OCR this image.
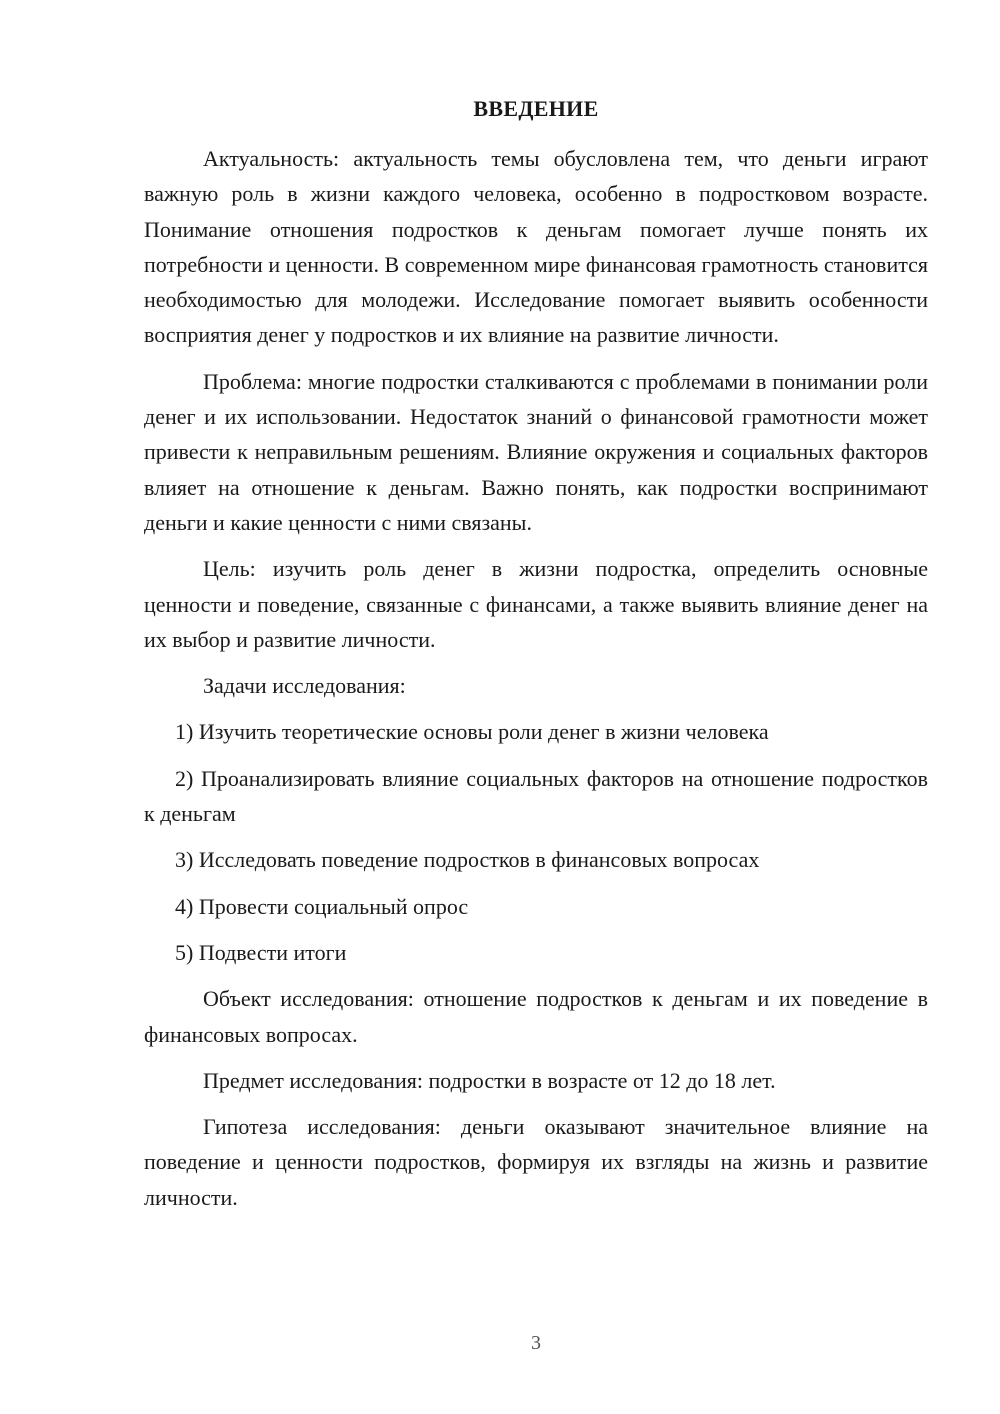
ВВЕДЕНИЕ

Актуальность: актуальность темы обусловлена тем, что деньги играют важную роль в жизни каждого человека, особенно в подростковом возрасте. Понимание отношения подростков к деньгам помогает лучше понять их потребности и ценности. В современном мире финансовая грамотность становится необходимостью для молодежи. Исследование помогает выявить особенности восприятия денег у подростков и их влияние на развитие личности.

Проблема: многие подростки сталкиваются с проблемами в понимании роли денег и их использовании. Недостаток знаний о финансовой грамотности может привести к неправильным решениям. Влияние окружения и социальных факторов влияет на отношение к деньгам. Важно понять, как подростки воспринимают деньги и какие ценности с ними связаны.

Цель: изучить роль денег в жизни подростка, определить основные ценности и поведение, связанные с финансами, а также выявить влияние денег на их выбор и развитие личности.

Задачи исследования:

1) Изучить теоретические основы роли денег в жизни человека

2) Проанализировать влияние социальных факторов на отношение подростков к деньгам

3) Исследовать поведение подростков в финансовых вопросах

4) Провести социальный опрос

5) Подвести итоги

Объект исследования: отношение подростков к деньгам и их поведение в финансовых вопросах.

Предмет исследования: подростки в возрасте от 12 до 18 лет.

Гипотеза исследования: деньги оказывают значительное влияние на поведение и ценности подростков, формируя их взгляды на жизнь и развитие личности.

3
